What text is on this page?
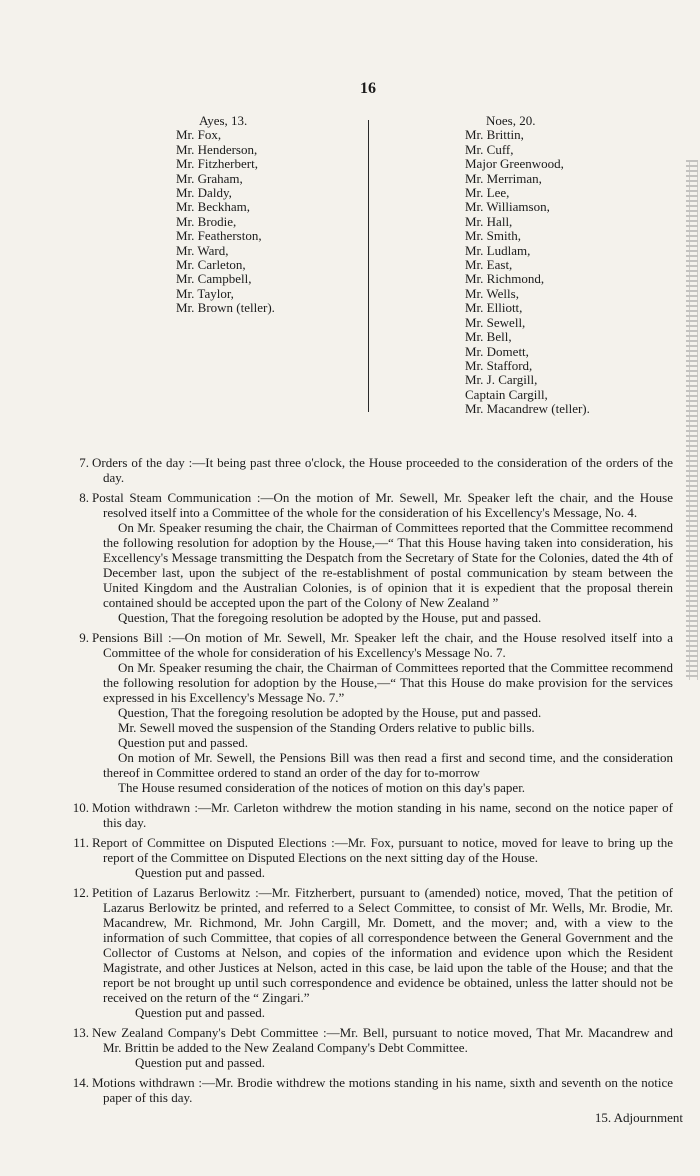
16
Ayes, 13.
Mr. Fox,
Mr. Henderson,
Mr. Fitzherbert,
Mr. Graham,
Mr. Daldy,
Mr. Beckham,
Mr. Brodie,
Mr. Featherston,
Mr. Ward,
Mr. Carleton,
Mr. Campbell,
Mr. Taylor,
Mr. Brown (teller).
Noes, 20.
Mr. Brittin,
Mr. Cuff,
Major Greenwood,
Mr. Merriman,
Mr. Lee,
Mr. Williamson,
Mr. Hall,
Mr. Smith,
Mr. Ludlam,
Mr. East,
Mr. Richmond,
Mr. Wells,
Mr. Elliott,
Mr. Sewell,
Mr. Bell,
Mr. Domett,
Mr. Stafford,
Mr. J. Cargill,
Captain Cargill,
Mr. Macandrew (teller).

7. Orders of the day :—It being past three o'clock, the House proceeded to the consideration of the orders of the day.

8. Postal Steam Communication :—On the motion of Mr. Sewell, Mr. Speaker left the chair, and the House resolved itself into a Committee of the whole for the consideration of his Excellency's Message, No. 4.

On Mr. Speaker resuming the chair, the Chairman of Committees reported that the Committee recommend the following resolution for adoption by the House,—“ That this House having taken into consideration, his Excellency's Message transmitting the Despatch from the Secretary of State for the Colonies, dated the 4th of December last, upon the subject of the re-establishment of postal communication by steam between the United Kingdom and the Australian Colonies, is of opinion that it is expedient that the proposal therein contained should be accepted upon the part of the Colony of New Zealand ”

Question, That the foregoing resolution be adopted by the House, put and passed.

9. Pensions Bill :—On motion of Mr. Sewell, Mr. Speaker left the chair, and the House resolved itself into a Committee of the whole for consideration of his Excellency's Message No. 7.

On Mr. Speaker resuming the chair, the Chairman of Committees reported that the Committee recommend the following resolution for adoption by the House,—“ That this House do make provision for the services expressed in his Excellency's Message No. 7.”

Question, That the foregoing resolution be adopted by the House, put and passed.

Mr. Sewell moved the suspension of the Standing Orders relative to public bills.

Question put and passed.

On motion of Mr. Sewell, the Pensions Bill was then read a first and second time, and the consideration thereof in Committee ordered to stand an order of the day for to-morrow

The House resumed consideration of the notices of motion on this day's paper.

10. Motion withdrawn :—Mr. Carleton withdrew the motion standing in his name, second on the notice paper of this day.

11. Report of Committee on Disputed Elections :—Mr. Fox, pursuant to notice, moved for leave to bring up the report of the Committee on Disputed Elections on the next sitting day of the House.

Question put and passed.

12. Petition of Lazarus Berlowitz :—Mr. Fitzherbert, pursuant to (amended) notice, moved, That the petition of Lazarus Berlowitz be printed, and referred to a Select Committee, to consist of Mr. Wells, Mr. Brodie, Mr. Macandrew, Mr. Richmond, Mr. John Cargill, Mr. Domett, and the mover; and, with a view to the information of such Committee, that copies of all correspondence between the General Government and the Collector of Customs at Nelson, and copies of the information and evidence upon which the Resident Magistrate, and other Justices at Nelson, acted in this case, be laid upon the table of the House; and that the report be not brought up until such correspondence and evidence be obtained, unless the latter should not be received on the return of the “ Zingari.”

Question put and passed.

13. New Zealand Company's Debt Committee :—Mr. Bell, pursuant to notice moved, That Mr. Macandrew and Mr. Brittin be added to the New Zealand Company's Debt Committee.

Question put and passed.

14. Motions withdrawn :—Mr. Brodie withdrew the motions standing in his name, sixth and seventh on the notice paper of this day.

15. Adjournment
